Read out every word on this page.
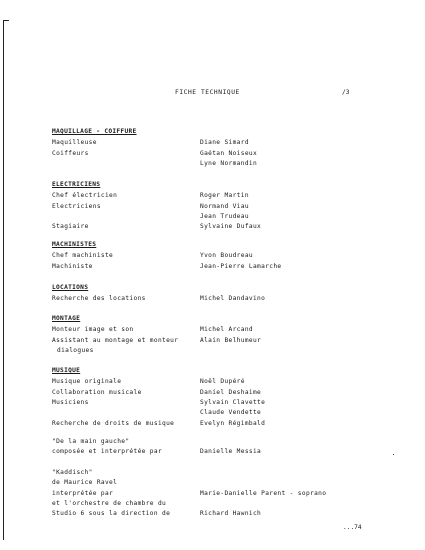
FICHE TECHNIQUE	/3
MAQUILLAGE - COIFFURE
Maquilleuse	Diane Simard
Coiffeurs	Gaétan Noiseux
Lyne Normandin
ELECTRICIENS
Chef électricien	Roger Martin
Electriciens	Normand Viau
Jean Trudeau
Stagiaire	Sylvaine Dufaux
MACHINISTES
Chef machiniste	Yvon Boudreau
Machiniste	Jean-Pierre Lamarche
LOCATIONS
Recherche des locations	Michel Dandavino
MONTAGE
Monteur image et son	Michel Arcand
Assistant au montage et monteur	Alain Belhumeur
dialogues
MUSIQUE
Musique originale	Noël Dupéré
Collaboration musicale	Daniel Deshaime
Musiciens	Sylvain Clavette
Claude Vendette
Recherche de droits de musique	Evelyn Régimbald
"De la main gauche"
composée et interprétée par	Danielle Messia
"Kaddisch"
de Maurice Ravel
interprétée par	Marie-Danielle Parent - soprano
et l'orchestre de chambre du
Studio 6 sous la direction de	Richard Hawnich
...74
